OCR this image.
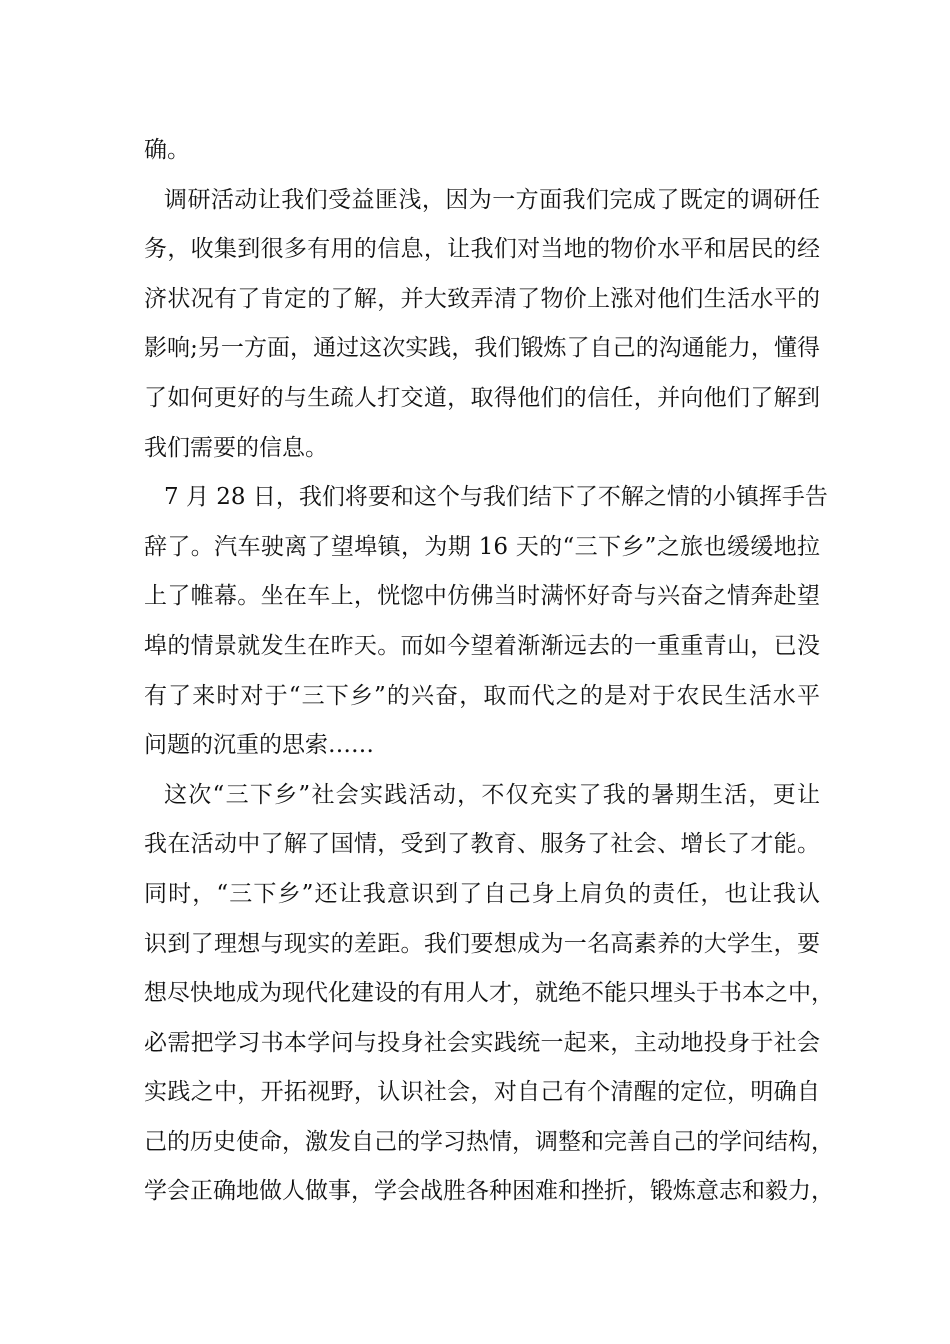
确。
调研活动让我们受益匪浅，因为一方面我们完成了既定的调研任
务，收集到很多有用的信息，让我们对当地的物价水平和居民的经
济状况有了肯定的了解，并大致弄清了物价上涨对他们生活水平的
影响;另一方面，通过这次实践，我们锻炼了自己的沟通能力，懂得
了如何更好的与生疏人打交道，取得他们的信任，并向他们了解到
我们需要的信息。
7 月 28 日，我们将要和这个与我们结下了不解之情的小镇挥手告
辞了。汽车驶离了望埠镇，为期 16 天的“三下乡”之旅也缓缓地拉
上了帷幕。坐在车上，恍惚中仿佛当时满怀好奇与兴奋之情奔赴望
埠的情景就发生在昨天。而如今望着渐渐远去的一重重青山，已没
有了来时对于“三下乡”的兴奋，取而代之的是对于农民生活水平
问题的沉重的思索……
这次“三下乡”社会实践活动，不仅充实了我的暑期生活，更让
我在活动中了解了国情，受到了教育、服务了社会、增长了才能。
同时，“三下乡”还让我意识到了自己身上肩负的责任，也让我认
识到了理想与现实的差距。我们要想成为一名高素养的大学生，要
想尽快地成为现代化建设的有用人才，就绝不能只埋头于书本之中，
必需把学习书本学问与投身社会实践统一起来，主动地投身于社会
实践之中，开拓视野，认识社会，对自己有个清醒的定位，明确自
己的历史使命，激发自己的学习热情，调整和完善自己的学问结构，
学会正确地做人做事，学会战胜各种困难和挫折，锻炼意志和毅力，
